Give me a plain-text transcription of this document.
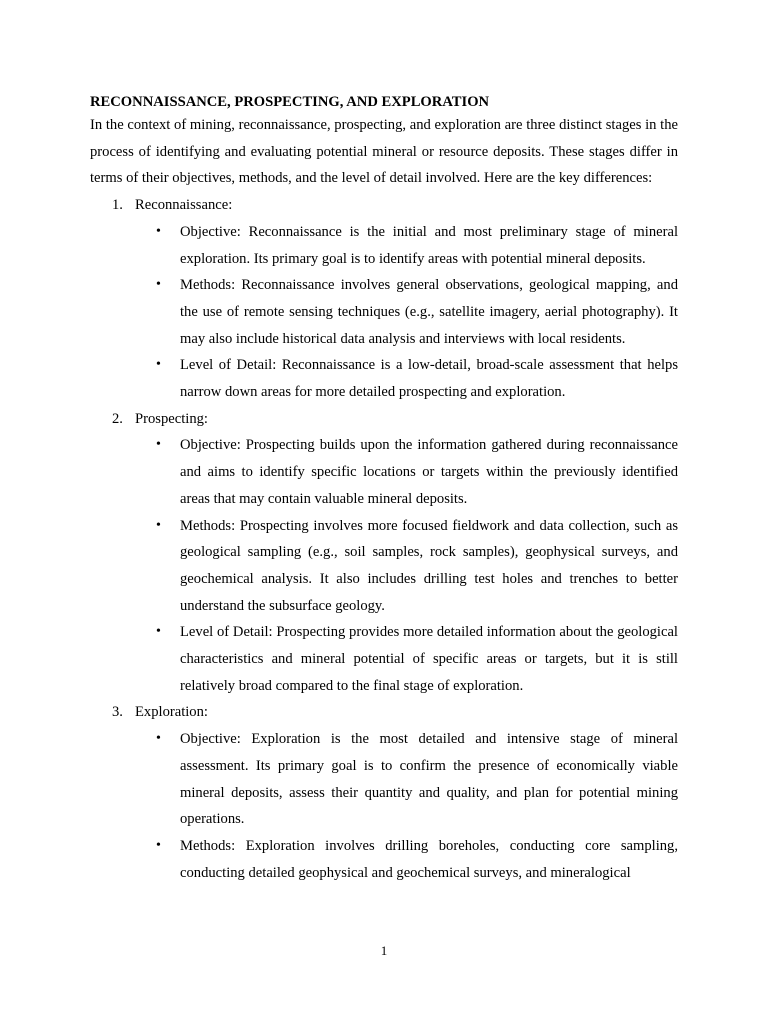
RECONNAISSANCE, PROSPECTING, AND EXPLORATION

In the context of mining, reconnaissance, prospecting, and exploration are three distinct stages in the process of identifying and evaluating potential mineral or resource deposits. These stages differ in terms of their objectives, methods, and the level of detail involved. Here are the key differences:

1. Reconnaissance:
• Objective: Reconnaissance is the initial and most preliminary stage of mineral exploration. Its primary goal is to identify areas with potential mineral deposits.
• Methods: Reconnaissance involves general observations, geological mapping, and the use of remote sensing techniques (e.g., satellite imagery, aerial photography). It may also include historical data analysis and interviews with local residents.
• Level of Detail: Reconnaissance is a low-detail, broad-scale assessment that helps narrow down areas for more detailed prospecting and exploration.
2. Prospecting:
• Objective: Prospecting builds upon the information gathered during reconnaissance and aims to identify specific locations or targets within the previously identified areas that may contain valuable mineral deposits.
• Methods: Prospecting involves more focused fieldwork and data collection, such as geological sampling (e.g., soil samples, rock samples), geophysical surveys, and geochemical analysis. It also includes drilling test holes and trenches to better understand the subsurface geology.
• Level of Detail: Prospecting provides more detailed information about the geological characteristics and mineral potential of specific areas or targets, but it is still relatively broad compared to the final stage of exploration.
3. Exploration:
• Objective: Exploration is the most detailed and intensive stage of mineral assessment. Its primary goal is to confirm the presence of economically viable mineral deposits, assess their quantity and quality, and plan for potential mining operations.
• Methods: Exploration involves drilling boreholes, conducting core sampling, conducting detailed geophysical and geochemical surveys, and mineralogical
1
